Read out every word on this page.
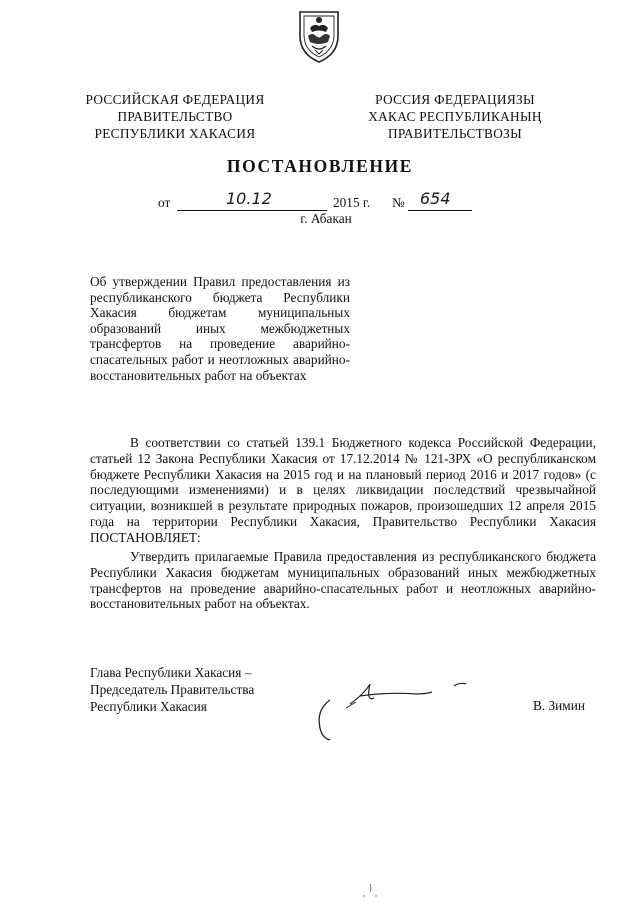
РОССИЙСКАЯ ФЕДЕРАЦИЯ
ПРАВИТЕЛЬСТВО
РЕСПУБЛИКИ ХАКАСИЯ
РОССИЯ ФЕДЕРАЦИЯЗЫ
ХАКАС РЕСПУБЛИКАНЫҢ
ПРАВИТЕЛЬСТВОЗЫ
ПОСТАНОВЛЕНИЕ
от	10.12	2015 г. № 654
г. Абакан
Об утверждении Правил предоставления из республиканского бюджета Республики Хакасия бюджетам муниципальных образований иных межбюджетных трансфертов на проведение аварийно-спасательных работ и неотложных аварийно-восстановительных работ на объектах
В соответствии со статьей 139.1 Бюджетного кодекса Российской Федерации, статьей 12 Закона Республики Хакасия от 17.12.2014 № 121-ЗРХ «О республиканском бюджете Республики Хакасия на 2015 год и на плановый период 2016 и 2017 годов» (с последующими изменениями) и в целях ликвидации последствий чрезвычайной ситуации, возникшей в результате природных пожаров, произошедших 12 апреля 2015 года на территории Республики Хакасия, Правительство Республики Хакасия ПОСТАНОВЛЯЕТ:
Утвердить прилагаемые Правила предоставления из республиканского бюджета Республики Хакасия бюджетам муниципальных образований иных межбюджетных трансфертов на проведение аварийно-спасательных работ и неотложных аварийно-восстановительных работ на объектах.
Глава Республики Хакасия –
Председатель Правительства
Республики Хакасия	В. Зимин
